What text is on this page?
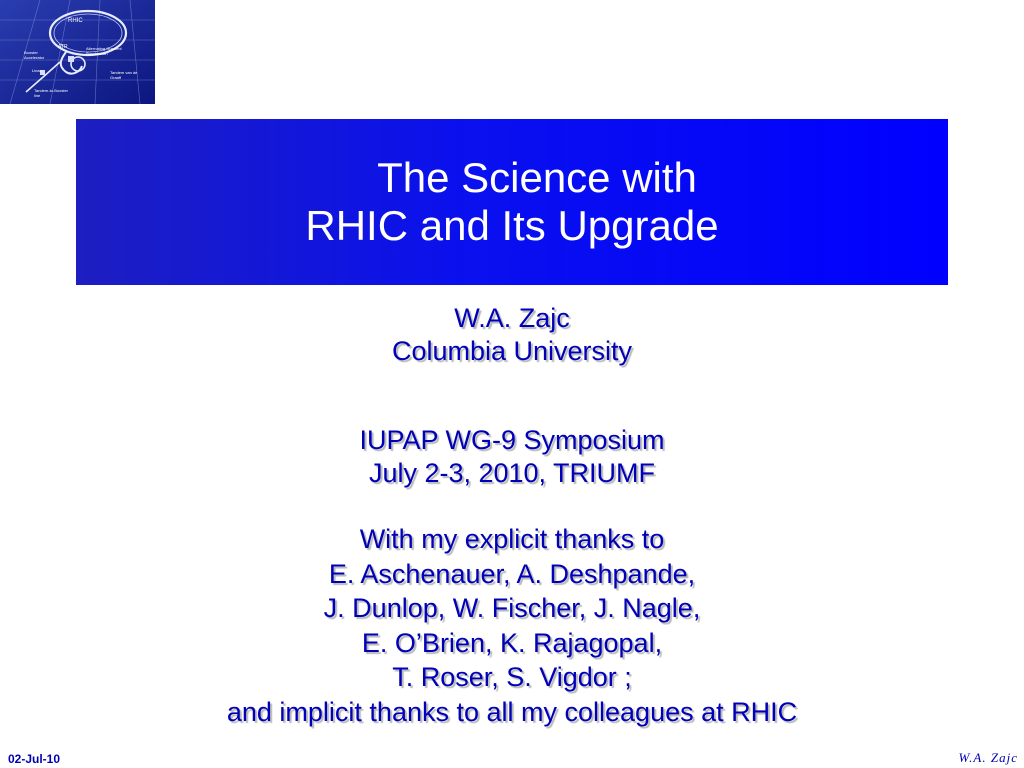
RHIC
ATR	Alternating Gradient Synchrotron
Booster Accelerator
Linac	Tandem van de Graaff
Tandem-to-Booster line
The Science with
RHIC and Its Upgrade
W.A. Zajc
Columbia University
IUPAP WG-9 Symposium
July 2-3, 2010, TRIUMF
With my explicit thanks to
E. Aschenauer, A. Deshpande,
J. Dunlop, W. Fischer, J. Nagle,
E. O’Brien, K. Rajagopal,
T. Roser, S. Vigdor ;
and implicit thanks to all my colleagues at RHIC
02-Jul-10	W.A. Zajc
